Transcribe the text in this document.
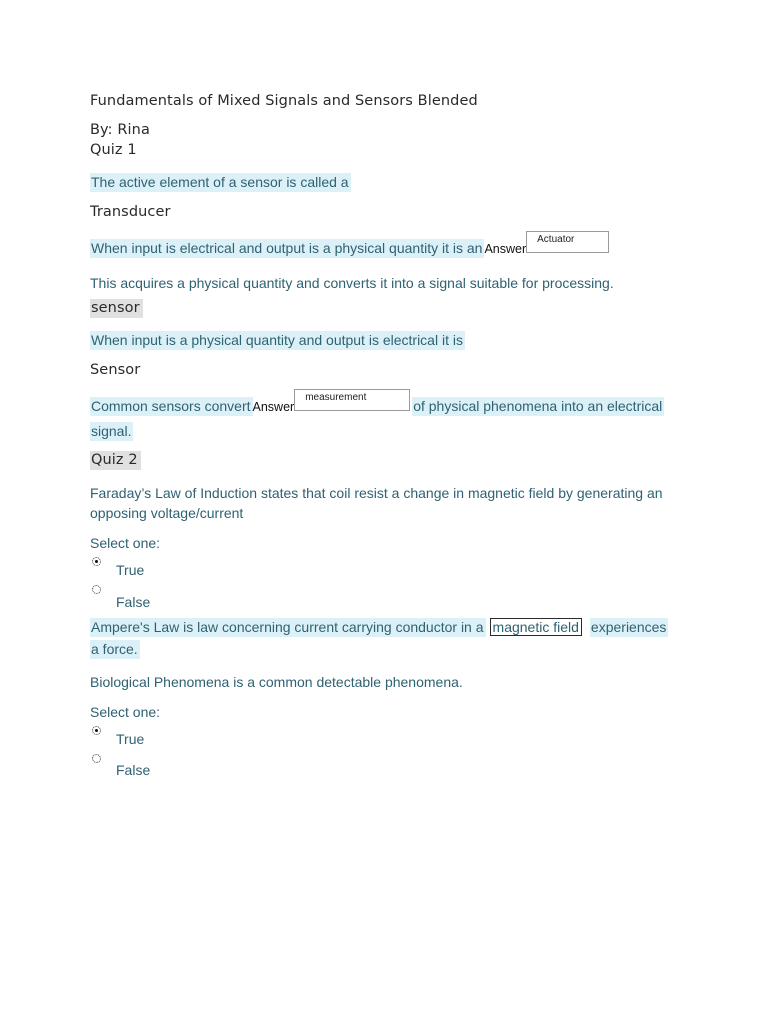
Fundamentals of Mixed Signals and Sensors Blended
By: Rina
Quiz 1
The active element of a sensor is called a
Transducer
When input is electrical and output is a physical quantity it is an AnswerActuator
This acquires a physical quantity and converts it into a signal suitable for processing.
sensor
When input is a physical quantity and output is electrical it is
Sensor
Common sensors convert Answermeasurementof physical phenomena into an electrical
signal.
Quiz 2
Faraday’s Law of Induction states that coil resist a change in magnetic field by generating an
opposing voltage/current
Select one:
True
False
Ampere's Law is law concerning current carrying conductor in a magnetic field experiences
a force.
Biological Phenomena is a common detectable phenomena.
Select one:
True
False
